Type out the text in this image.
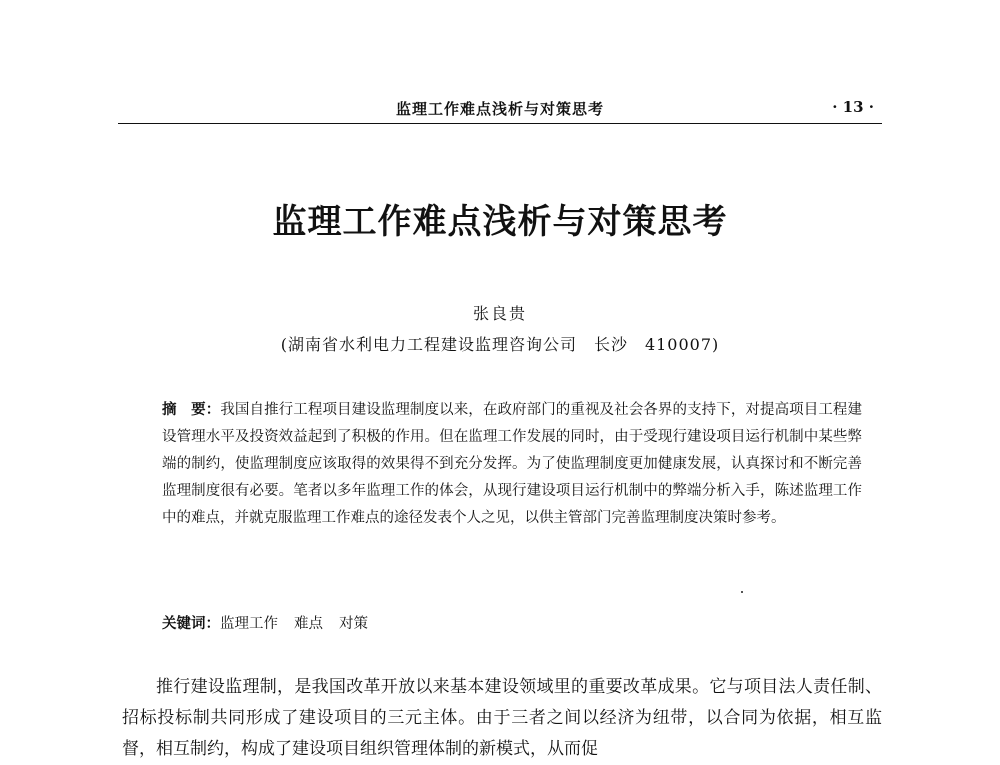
监理工作难点浅析与对策思考	· 13 ·
监理工作难点浅析与对策思考
张良贵
(湖南省水利电力工程建设监理咨询公司　长沙　410007)
摘　要：我国自推行工程项目建设监理制度以来，在政府部门的重视及社会各界的支持下，对提高项目工程建设管理水平及投资效益起到了积极的作用。但在监理工作发展的同时，由于受现行建设项目运行机制中某些弊端的制约，使监理制度应该取得的效果得不到充分发挥。为了使监理制度更加健康发展，认真探讨和不断完善监理制度很有必要。笔者以多年监理工作的体会，从现行建设项目运行机制中的弊端分析入手，陈述监理工作中的难点，并就克服监理工作难点的途径发表个人之见，以供主管部门完善监理制度决策时参考。
关键词：监理工作 难点 对策
推行建设监理制，是我国改革开放以来基本建设领域里的重要改革成果。它与项目法人责任制、招标投标制共同形成了建设项目的三元主体。由于三者之间以经济为纽带，以合同为依据，相互监督，相互制约，构成了建设项目组织管理体制的新模式，从而促
